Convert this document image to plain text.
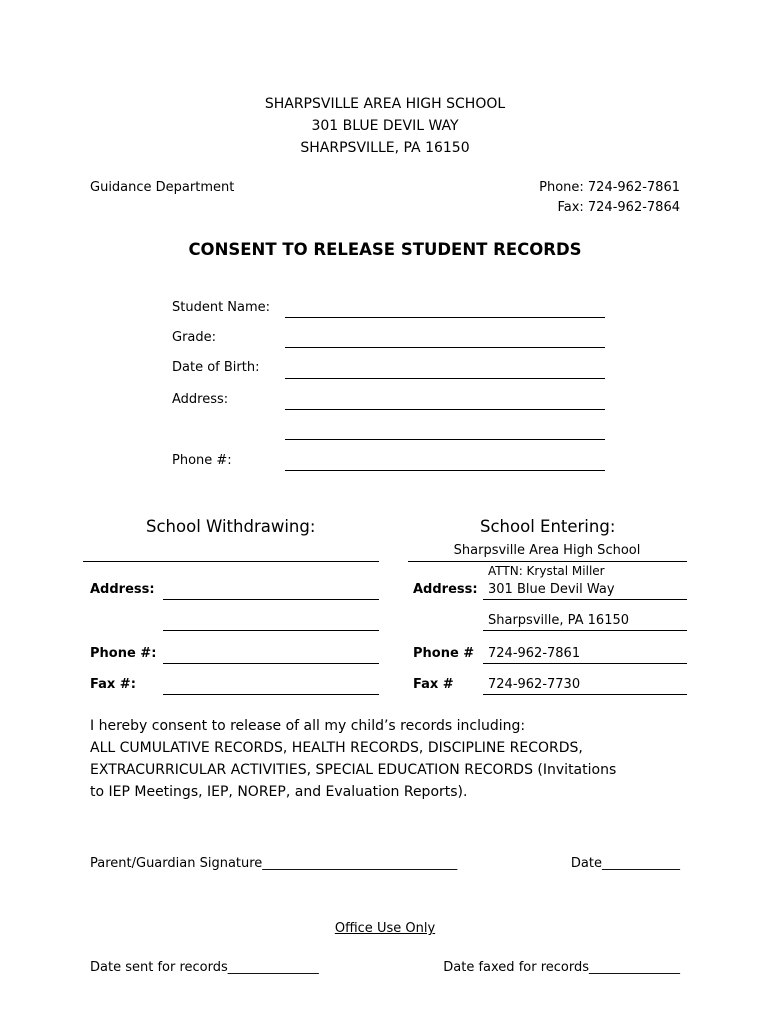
SHARPSVILLE AREA HIGH SCHOOL
301 BLUE DEVIL WAY
SHARPSVILLE, PA 16150
Guidance Department	Phone: 724-962-7861
Fax: 724-962-7864
CONSENT TO RELEASE STUDENT RECORDS
Student Name:
Grade:
Date of Birth:
Address:
Phone #:
School Withdrawing:
Address:
Phone #:
Fax #:
School Entering:
Sharpsville Area High School
ATTN: Krystal Miller
Address: 301 Blue Devil Way
Sharpsville, PA 16150
Phone # 724-962-7861
Fax #	724-962-7730
I hereby consent to release of all my child’s records including:
ALL CUMULATIVE RECORDS, HEALTH RECORDS, DISCIPLINE RECORDS,
EXTRACURRICULAR ACTIVITIES, SPECIAL EDUCATION RECORDS (Invitations
to IEP Meetings, IEP, NOREP, and Evaluation Reports).
Parent/Guardian Signature______________________________	Date____________
Office Use Only
Date sent for records______________	Date faxed for records______________
